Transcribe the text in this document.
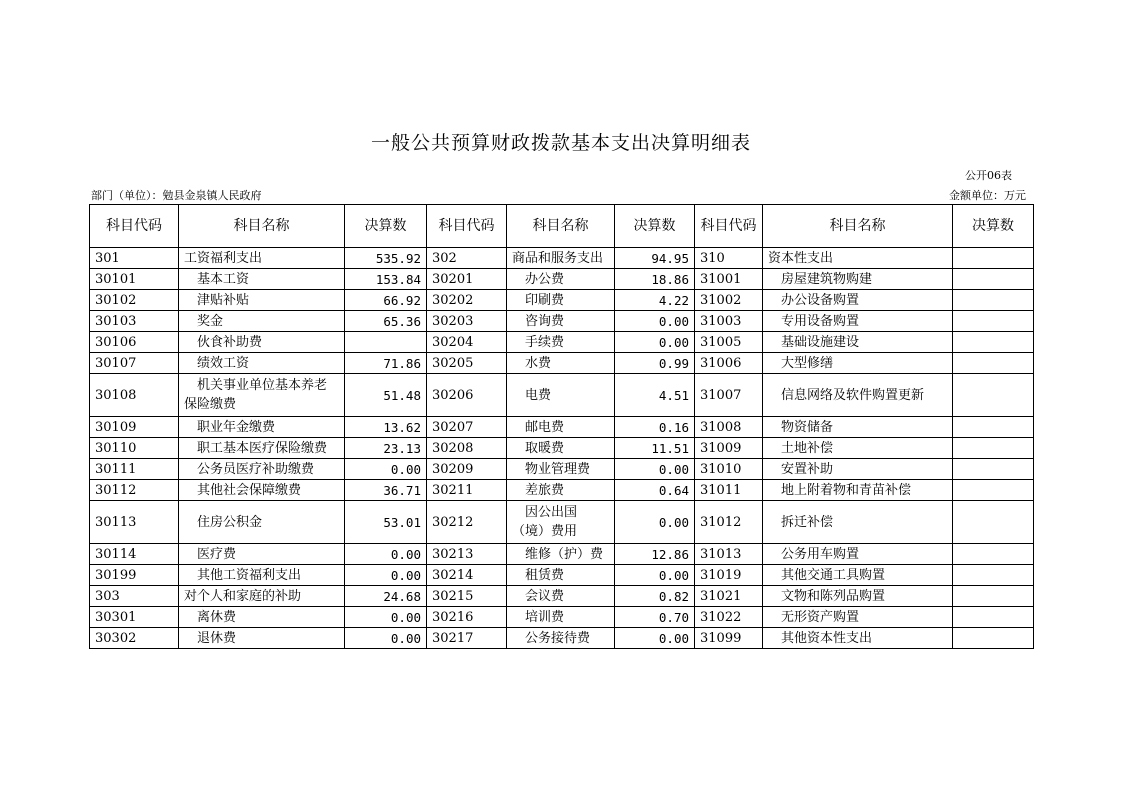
一般公共预算财政拨款基本支出决算明细表
公开06表
部门（单位）：勉县金泉镇人民政府	金额单位：万元
科目代码	科目名称	决算数	科目代码	科目名称	决算数	科目代码	科目名称	决算数
301	工资福利支出	535.92	302	商品和服务支出	94.95	310	资本性支出	
30101	　基本工资	153.84	30201	　办公费	18.86	31001	　房屋建筑物购建	
30102	　津贴补贴	66.92	30202	　印刷费	4.22	31002	　办公设备购置	
30103	　奖金	65.36	30203	　咨询费	0.00	31003	　专用设备购置	
30106	　伙食补助费		30204	　手续费	0.00	31005	　基础设施建设	
30107	　绩效工资	71.86	30205	　水费	0.99	31006	　大型修缮	
30108	　机关事业单位基本养老保险缴费	51.48	30206	　电费	4.51	31007	　信息网络及软件购置更新	
30109	　职业年金缴费	13.62	30207	　邮电费	0.16	31008	　物资储备	
30110	　职工基本医疗保险缴费	23.13	30208	　取暖费	11.51	31009	　土地补偿	
30111	　公务员医疗补助缴费	0.00	30209	　物业管理费	0.00	31010	　安置补助	
30112	　其他社会保障缴费	36.71	30211	　差旅费	0.64	31011	　地上附着物和青苗补偿	
30113	　住房公积金	53.01	30212	　因公出国（境）费用	0.00	31012	　拆迁补偿	
30114	　医疗费	0.00	30213	　维修（护）费	12.86	31013	　公务用车购置	
30199	　其他工资福利支出	0.00	30214	　租赁费	0.00	31019	　其他交通工具购置	
303	对个人和家庭的补助	24.68	30215	　会议费	0.82	31021	　文物和陈列品购置	
30301	　离休费	0.00	30216	　培训费	0.70	31022	　无形资产购置	
30302	　退休费	0.00	30217	　公务接待费	0.00	31099	　其他资本性支出	
